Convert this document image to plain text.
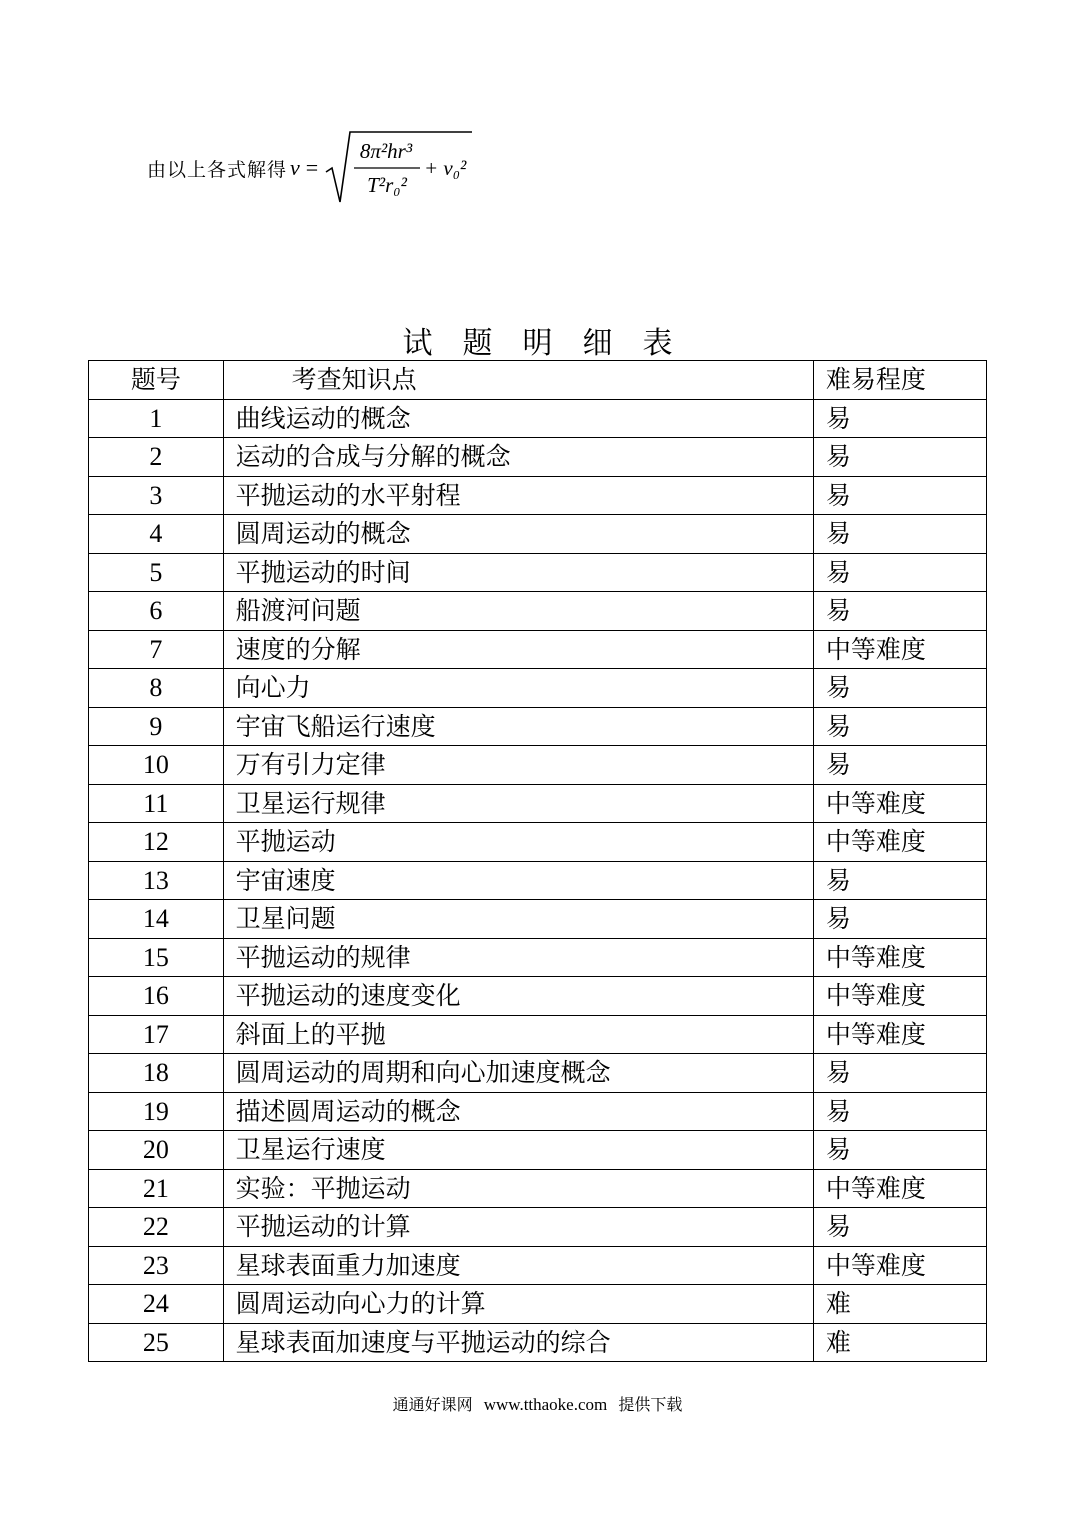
由以上各式解得 v =
8π²hr³
T²r₀²
+ v₀²
试题明细表
题号	考查知识点	难易程度
1	曲线运动的概念	易
2	运动的合成与分解的概念	易
3	平抛运动的水平射程	易
4	圆周运动的概念	易
5	平抛运动的时间	易
6	船渡河问题	易
7	速度的分解	中等难度
8	向心力	易
9	宇宙飞船运行速度	易
10	万有引力定律	易
11	卫星运行规律	中等难度
12	平抛运动	中等难度
13	宇宙速度	易
14	卫星问题	易
15	平抛运动的规律	中等难度
16	平抛运动的速度变化	中等难度
17	斜面上的平抛	中等难度
18	圆周运动的周期和向心加速度概念	易
19	描述圆周运动的概念	易
20	卫星运行速度	易
21	实验：平抛运动	中等难度
22	平抛运动的计算	易
23	星球表面重力加速度	中等难度
24	圆周运动向心力的计算	难
25	星球表面加速度与平抛运动的综合	难
通通好课网 www.tthaoke.com 提供下载
